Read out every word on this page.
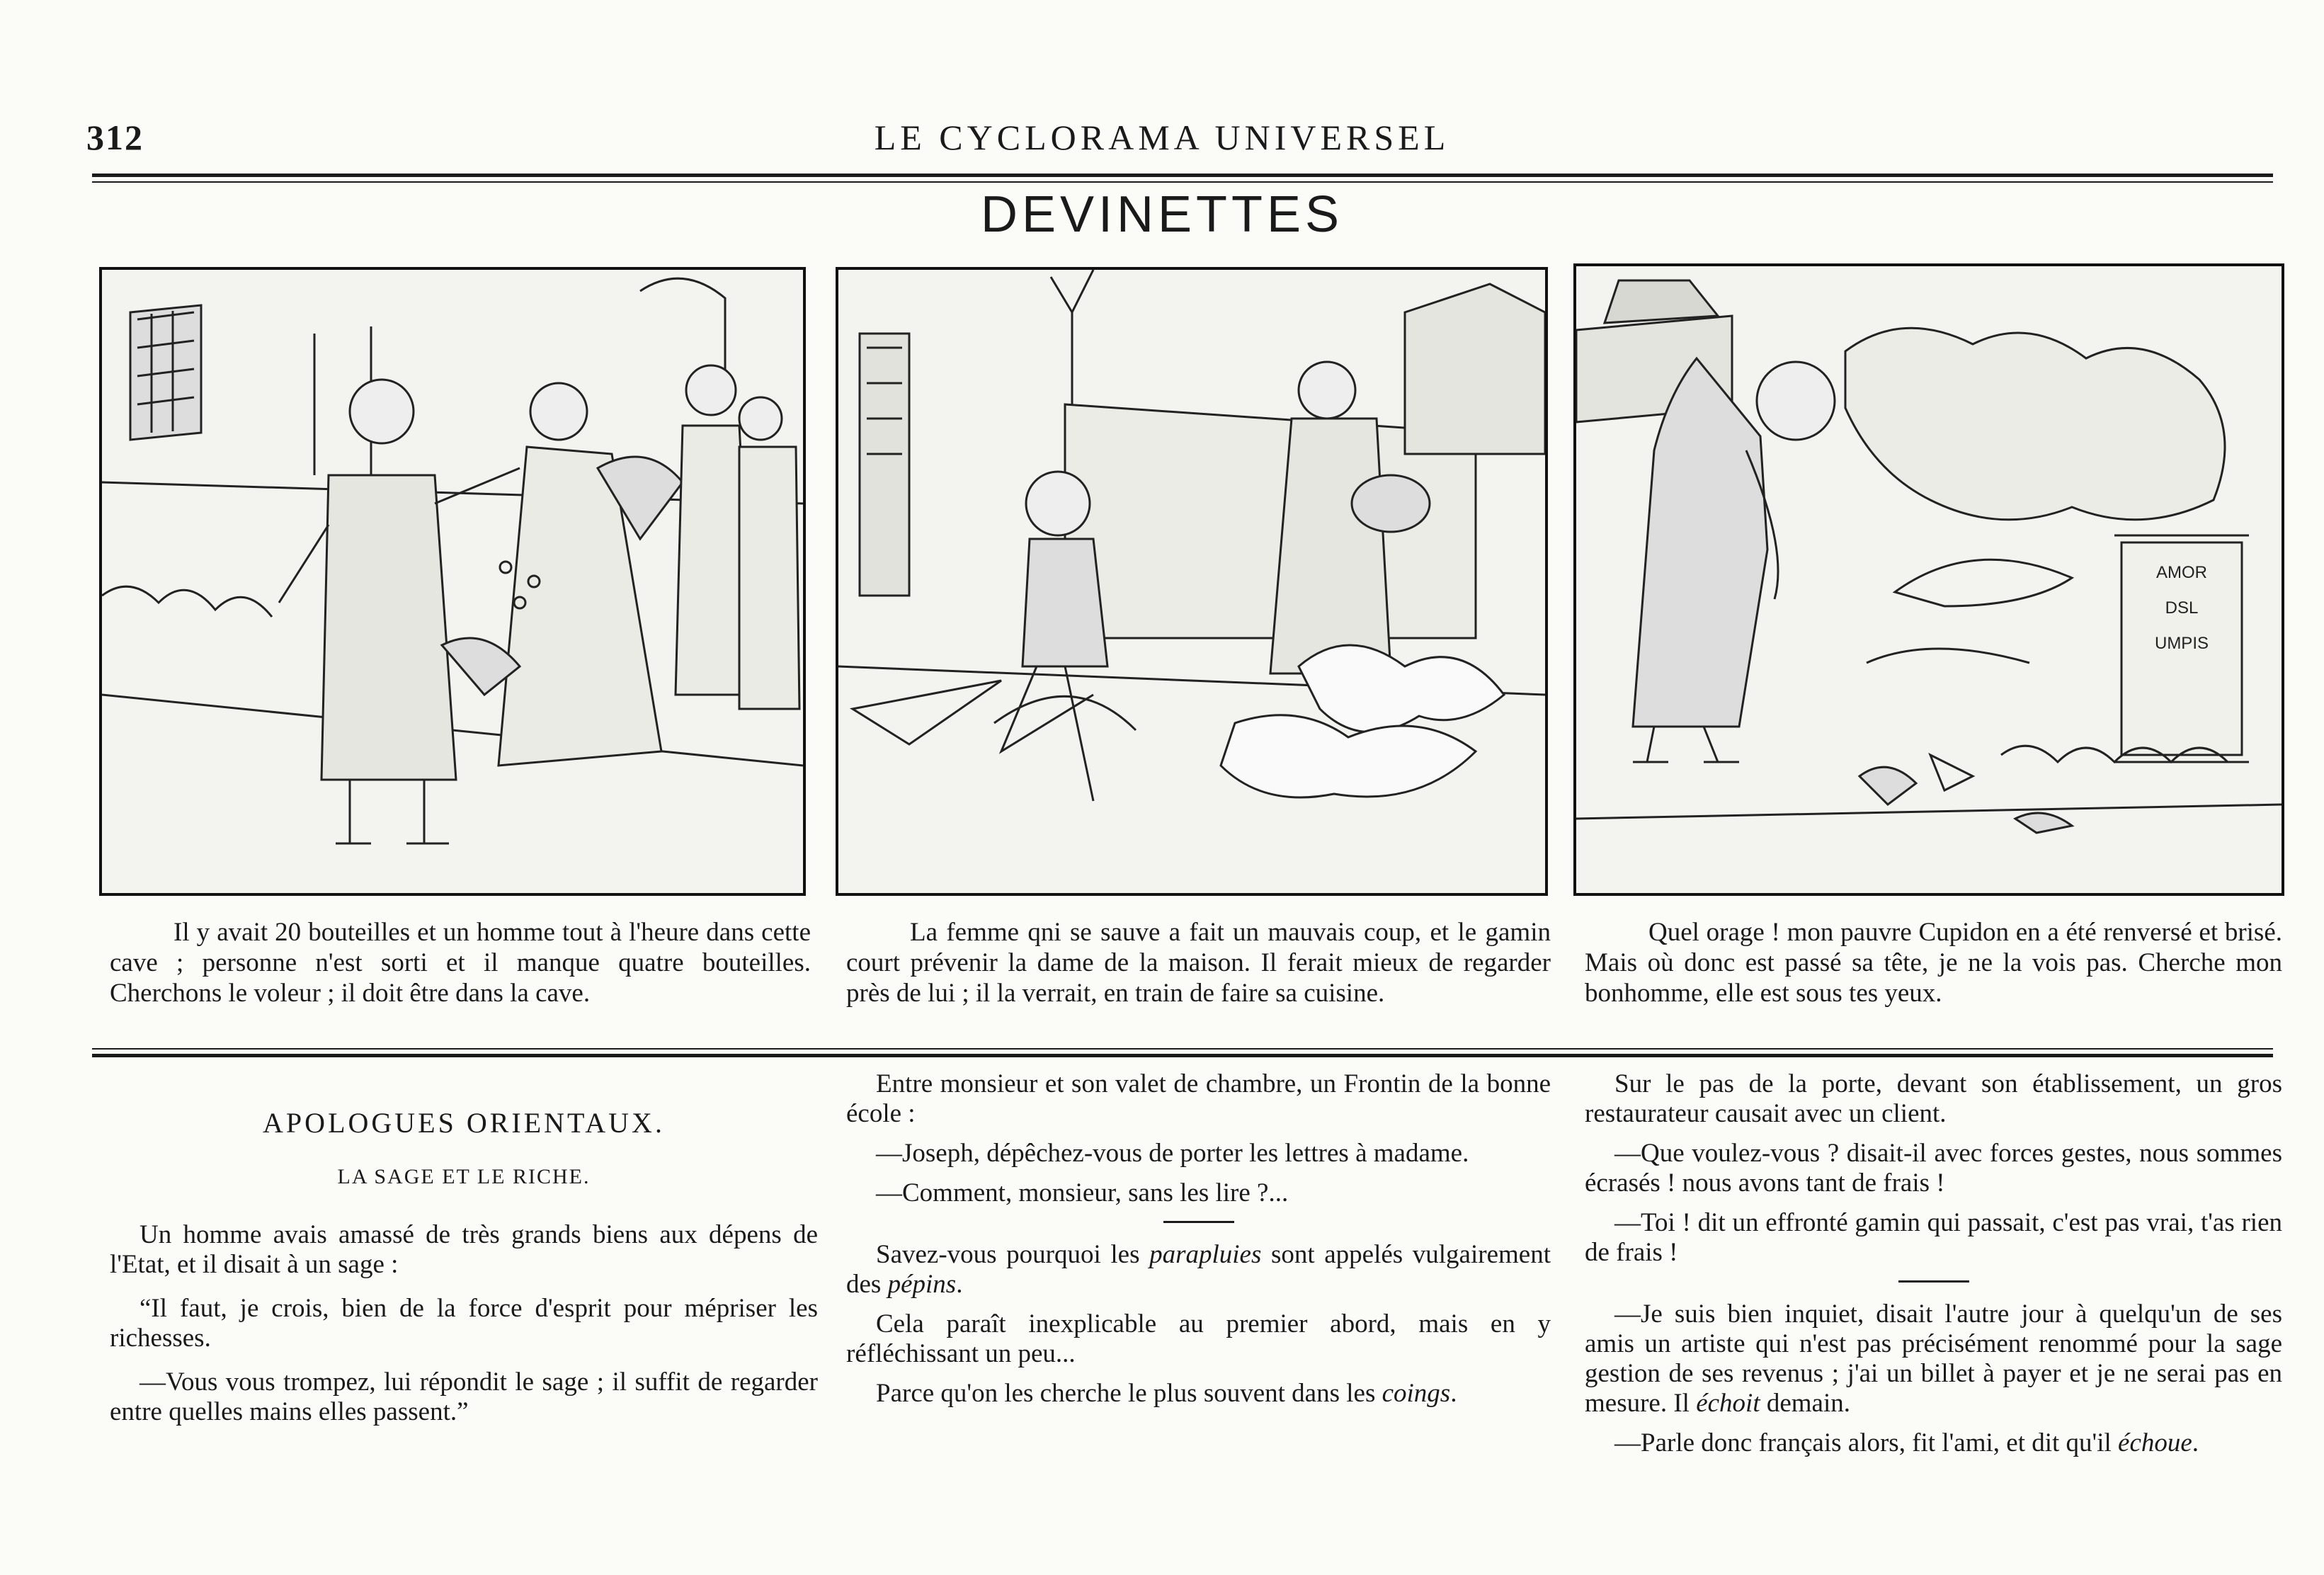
312	LE CYCLORAMA UNIVERSEL
DEVINETTES
AMOR
DSL
UMPIS
Il y avait 20 bouteilles et un homme tout à l'heure dans cette cave ; personne n'est sorti et il manque quatre bouteilles. Cherchons le voleur ; il doit être dans la cave.
La femme qni se sauve a fait un mauvais coup, et le gamin court prévenir la dame de la maison. Il ferait mieux de regarder près de lui ; il la verrait, en train de faire sa cuisine.
Quel orage ! mon pauvre Cupidon en a été renversé et brisé. Mais où donc est passé sa tête, je ne la vois pas. Cherche mon bonhomme, elle est sous tes yeux.
APOLOGUES ORIENTAUX.
LA SAGE ET LE RICHE.

Un homme avais amassé de très grands biens aux dépens de l'Etat, et il disait à un sage :

“Il faut, je crois, bien de la force d'esprit pour mépriser les richesses.

—Vous vous trompez, lui répondit le sage ; il suffit de regarder entre quelles mains elles passent.”

Entre monsieur et son valet de chambre, un Frontin de la bonne école :

—Joseph, dépêchez-vous de porter les lettres à madame.

—Comment, monsieur, sans les lire ?...

Savez-vous pourquoi les parapluies sont appelés vulgairement des pépins.

Cela paraît inexplicable au premier abord, mais en y réfléchissant un peu...

Parce qu'on les cherche le plus souvent dans les coings.

Sur le pas de la porte, devant son établissement, un gros restaurateur causait avec un client.

—Que voulez-vous ? disait-il avec forces gestes, nous sommes écrasés ! nous avons tant de frais !

—Toi ! dit un effronté gamin qui passait, c'est pas vrai, t'as rien de frais !

—Je suis bien inquiet, disait l'autre jour à quelqu'un de ses amis un artiste qui n'est pas précisément renommé pour la sage gestion de ses revenus ; j'ai un billet à payer et je ne serai pas en mesure. Il échoit demain.

—Parle donc français alors, fit l'ami, et dit qu'il échoue.
